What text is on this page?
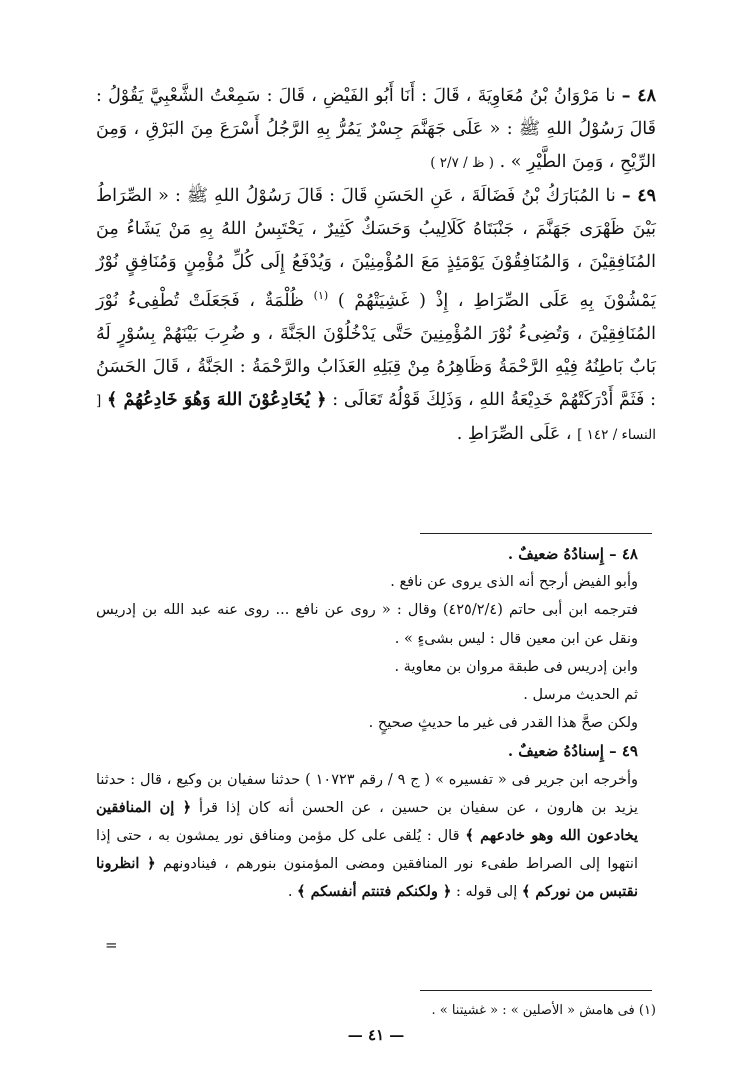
٤٨ – نا مَرْوَانُ بْنُ مُعَاوِيَةَ ، قَالَ : أَنَا أَبُو الفَيْضِ ، قَالَ : سَمِعْتُ الشَّعْبِيَّ يَقُوْلُ : قَالَ رَسُوْلُ اللهِ ﷺ : « عَلَى جَهَنَّمَ جِسْرٌ يَمُرُّ بِهِ الرَّجُلُ أَسْرَعَ مِنَ البَرْقِ ، وَمِنَ الرِّيْحِ ، وَمِنَ الطَّيْرِ » . ( ظ / ٢/٧ )

٤٩ – نا المُبَارَكُ بْنُ فَضَالَةَ ، عَنِ الحَسَنِ قَالَ : قَالَ رَسُوْلُ اللهِ ﷺ : « الصِّرَاطُ بَيْنَ ظَهْرَى جَهَنَّمَ ، جَنْبَتَاهُ كَلَالِيبُ وَحَسَكٌ كَثِيرٌ ، يَحْتَبِسُ اللهُ بِهِ مَنْ يَشَاءُ مِنَ المُنَافِقِيْنَ ، وَالمُنَافِقُوْنَ يَوْمَئِذٍ مَعَ المُؤْمِنِيْنَ ، وَيُدْفَعُ إِلَى كُلِّ مُؤْمِنٍ وَمُنَافِقٍ نُوْرٌ يَمْشُوْنَ بِهِ عَلَى الصِّرَاطِ ، إِذْ ( غَشِيَتْهُمْ ) $^{(١)}$ ظُلْمَةٌ ، فَجَعَلَتْ تُطْفِىءُ نُوْرَ المُنَافِقِيْنَ ، وَتُضِىءُ نُوْرَ المُؤْمِنِينَ حَتَّى يَدْخُلُوْنَ الجَنَّةَ ، و ضُرِبَ بَيْنَهُمْ بِسُوْرٍ لَهُ بَابٌ بَاطِنُهُ فِيْهِ الرَّحْمَةُ وَظَاهِرُهُ مِنْ قِبَلِهِ العَذَابُ والرَّحْمَةُ : الجَنَّةُ ، قَالَ الحَسَنُ : فَثَمَّ أَدْرَكَتْهُمْ خَدِيْعَةُ اللهِ ، وَذَلِكَ قَوْلُهُ تَعَالَى : ﴿ يُخَادِعُوْنَ اللهَ وَهُوَ خَادِعُهُمْ ﴾ [ النساء / ١٤٢ ] ، عَلَى الصِّرَاطِ .

٤٨ – إِسنادُهُ ضعيفٌ .

وأبو الفيض أرجح أنه الذى يروى عن نافع .

فترجمه ابن أبى حاتم (٤٢٥/٢/٤) وقال : « روى عن نافع ... روى عنه عبد الله بن إدريس ونقل عن ابن معين قال : ليس بشىءٍ » .

وابن إدريس فى طبقة مروان بن معاوية .

ثم الحديث مرسل .

ولكن صحَّ هذا القدر فى غير ما حديثٍ صحيحٍ .

٤٩ – إِسنادُهُ ضعيفٌ .

وأخرجه ابن جرير فى « تفسيره » ( ج ٩ / رقم ١٠٧٢٣ ) حدثنا سفيان بن وكيع ، قال : حدثنا يزيد بن هارون ، عن سفيان بن حسين ، عن الحسن أنه كان إذا قرأ ﴿ إن المنافقين يخادعون الله وهو خادعهم ﴾ قال : يُلقى على كل مؤمن ومنافق نور يمشون به ، حتى إذا انتهوا إلى الصراط طفىء نور المنافقين ومضى المؤمنون بنورهم ، فينادونهم ﴿ انظرونا نقتبس من نوركم ﴾ إلى قوله : ﴿ ولكنكم فتنتم أنفسكم ﴾ .

=
(١) فى هامش « الأصلين » : « غشيتنا » .
— ٤١ —
